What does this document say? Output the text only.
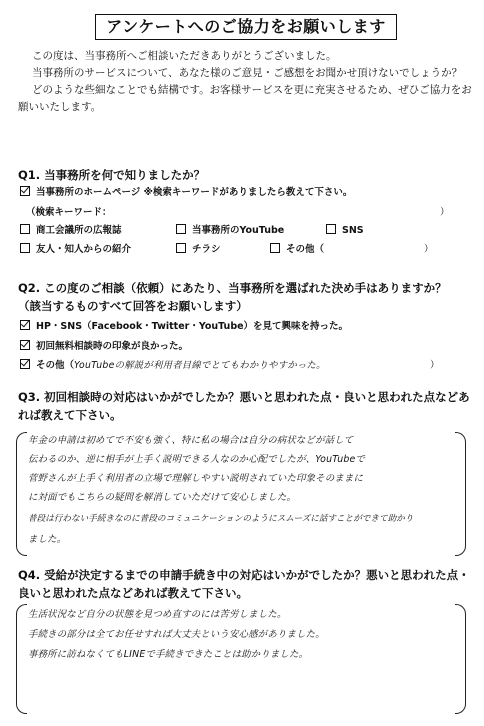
アンケートへのご協力をお願いします

この度は、当事務所へご相談いただきありがとうございました。

当事務所のサービスについて、あなた様のご意見・ご感想をお聞かせ頂けないでしょうか？

どのような些細なことでも結構です。お客様サービスを更に充実させるため、ぜひご協力をお願いいたします。

Q1. 当事務所を何で知りましたか？
当事務所のホームページ ※検索キーワードがありましたら教えて下さい。
（検索キーワード：	）
商工会議所の広報誌	当事務所のYouTube	SNS
友人・知人からの紹介	チラシ	その他（	）
Q2. この度のご相談（依頼）にあたり、当事務所を選ばれた決め手はありますか？
（該当するものすべて回答をお願いします）
HP・SNS（Facebook・Twitter・YouTube）を見て興味を持った。
初回無料相談時の印象が良かった。
その他（YouTubeの解説が利用者目線でとてもわかりやすかった。	）
Q3. 初回相談時の対応はいかがでしたか？悪いと思われた点・良いと思われた点などあれば教えて下さい。
年金の申請は初めてで不安も強く、特に私の場合は自分の病状などが話して
伝わるのか、逆に相手が上手く説明できる人なのか心配でしたが、YouTubeで
菅野さんが上手く利用者の立場で理解しやすい説明されていた印象そのままに
に対面でもこちらの疑問を解消していただけて安心しました。
普段は行わない手続きなのに普段のコミュニケーションのようにスムーズに話すことができて助かり
ました。
Q4. 受給が決定するまでの申請手続き中の対応はいかがでしたか？悪いと思われた点・良いと思われた点などあれば教えて下さい。
生活状況など自分の状態を見つめ直すのには苦労しました。
手続きの部分は全てお任せすれば大丈夫という安心感がありました。
事務所に訪ねなくてもLINEで手続きできたことは助かりました。
